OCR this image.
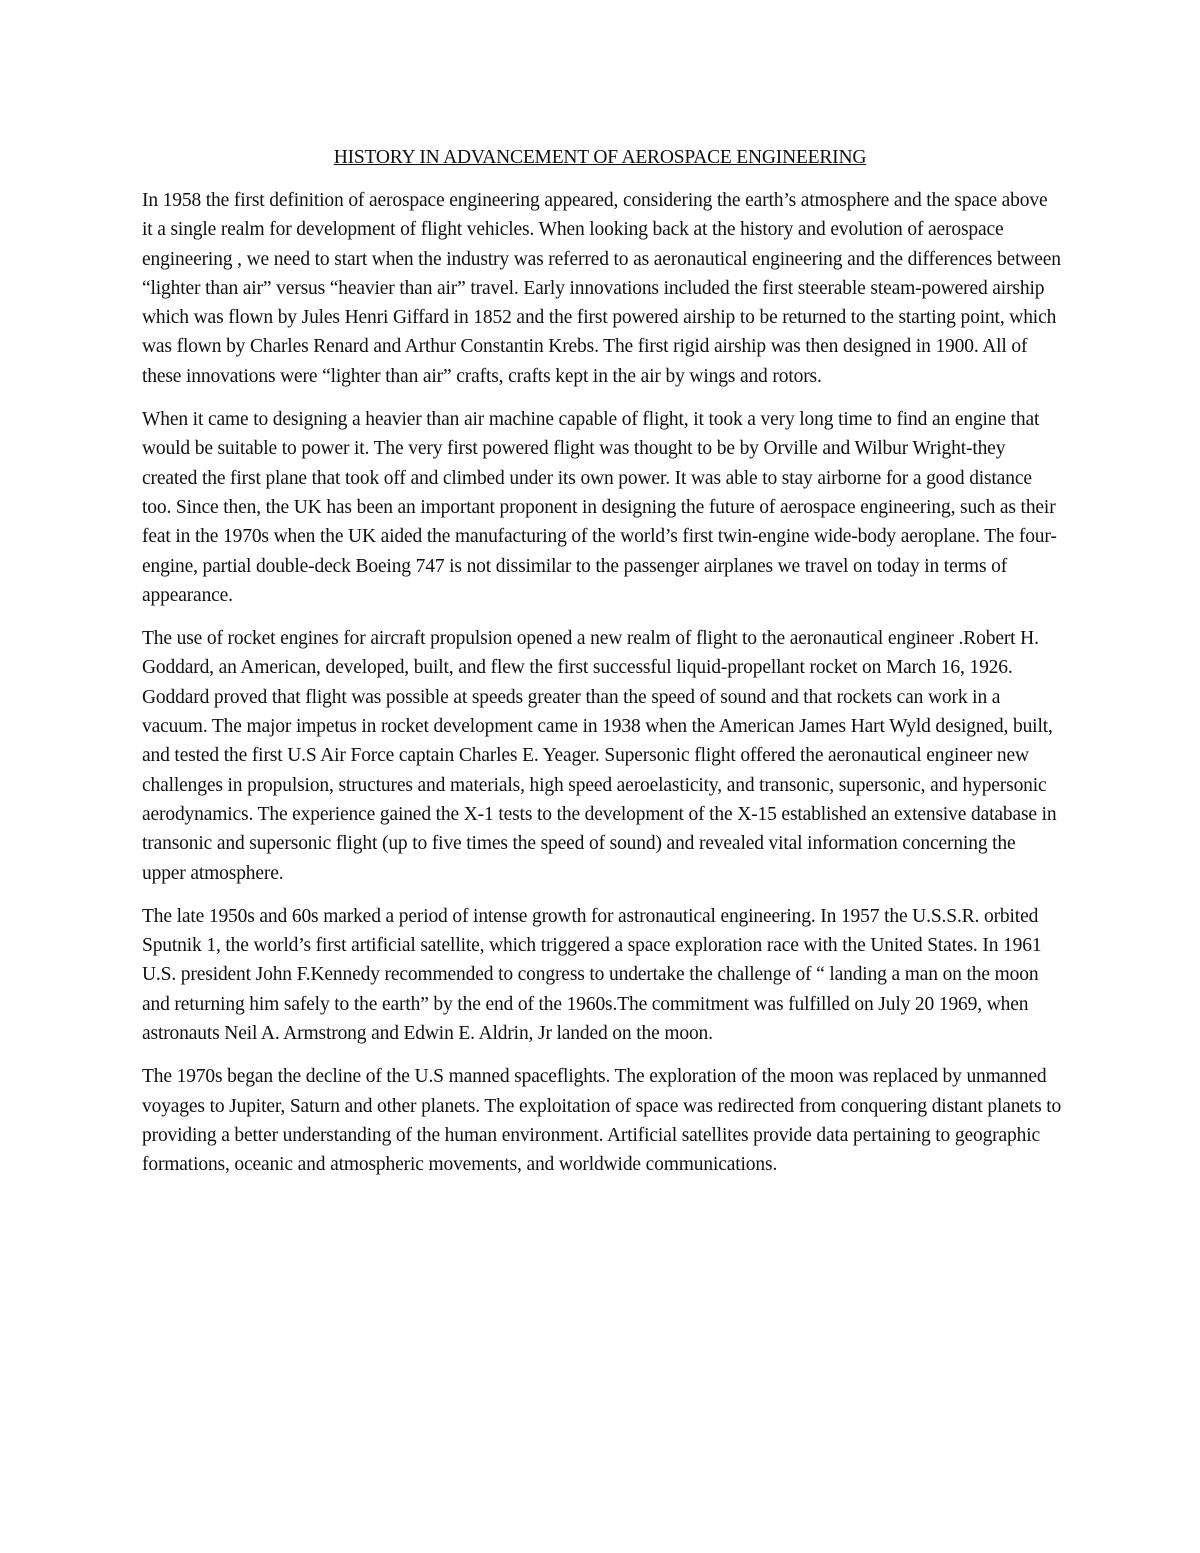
HISTORY IN ADVANCEMENT OF AEROSPACE ENGINEERING

In 1958 the first definition of aerospace engineering appeared, considering the earth’s atmosphere and the space above it a single realm for development of flight vehicles. When looking back at the history and evolution of aerospace engineering , we need to start when the industry was referred to as aeronautical engineering and the differences between “lighter than air” versus “heavier than air” travel. Early innovations included the first steerable steam-powered airship which was flown by Jules Henri Giffard in 1852 and the first powered airship to be returned to the starting point, which was flown by Charles Renard and Arthur Constantin Krebs. The first rigid airship was then designed in 1900. All of these innovations were “lighter than air” crafts, crafts kept in the air by wings and rotors.

When it came to designing a heavier than air machine capable of flight, it took a very long time to find an engine that would be suitable to power it. The very first powered flight was thought to be by Orville and Wilbur Wright-they created the first plane that took off and climbed under its own power. It was able to stay airborne for a good distance too. Since then, the UK has been an important proponent in designing the future of aerospace engineering, such as their feat in the 1970s when the UK aided the manufacturing of the world’s first twin-engine wide-body aeroplane. The four-engine, partial double-deck Boeing 747 is not dissimilar to the passenger airplanes we travel on today in terms of appearance.

The use of rocket engines for aircraft propulsion opened a new realm of flight to the aeronautical engineer .Robert H. Goddard, an American, developed, built, and flew the first successful liquid-propellant rocket on March 16, 1926. Goddard proved that flight was possible at speeds greater than the speed of sound and that rockets can work in a vacuum. The major impetus in rocket development came in 1938 when the American James Hart Wyld designed, built, and tested the first U.S Air Force captain Charles E. Yeager. Supersonic flight offered the aeronautical engineer new challenges in propulsion, structures and materials, high speed aeroelasticity, and transonic, supersonic, and hypersonic aerodynamics. The experience gained the X-1 tests to the development of the X-15 established an extensive database in transonic and supersonic flight (up to five times the speed of sound) and revealed vital information concerning the upper atmosphere.

The late 1950s and 60s marked a period of intense growth for astronautical engineering. In 1957 the U.S.S.R. orbited Sputnik 1, the world’s first artificial satellite, which triggered a space exploration race with the United States. In 1961 U.S. president John F.Kennedy recommended to congress to undertake the challenge of “ landing a man on the moon and returning him safely to the earth” by the end of the 1960s.The commitment was fulfilled on July 20 1969, when astronauts Neil A. Armstrong and Edwin E. Aldrin, Jr landed on the moon.

The 1970s began the decline of the U.S manned spaceflights. The exploration of the moon was replaced by unmanned voyages to Jupiter, Saturn and other planets. The exploitation of space was redirected from conquering distant planets to providing a better understanding of the human environment. Artificial satellites provide data pertaining to geographic formations, oceanic and atmospheric movements, and worldwide communications.
